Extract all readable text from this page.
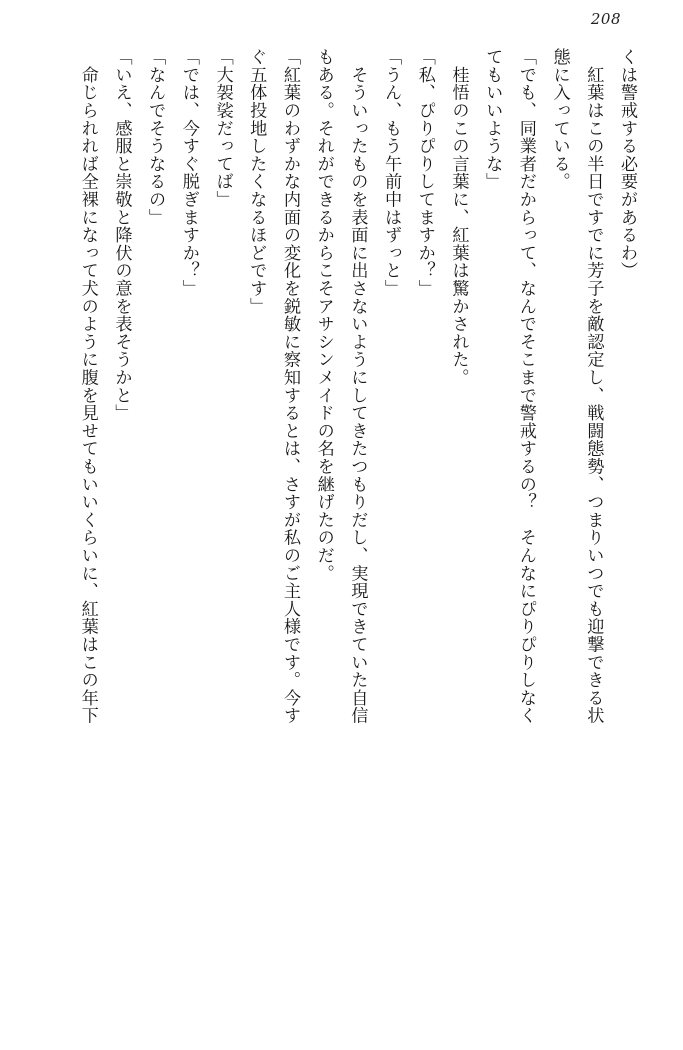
208
くは警戒する必要があるわ）
　紅葉はこの半日ですでに芳子を敵認定し、戦闘態勢、つまりいつでも迎撃できる状
態に入っている。
「でも、同業者だからって、なんでそこまで警戒するの？　そんなにぴりぴりしなく
てもいいような」
　桂悟のこの言葉に、紅葉は驚かされた。
「私、ぴりぴりしてますか？」
「うん、もう午前中はずっと」
　そういったものを表面に出さないようにしてきたつもりだし、実現できていた自信
もある。それができるからこそアサシンメイドの名を継げたのだ。
「紅葉のわずかな内面の変化を鋭敏に察知するとは、さすが私のご主人様です。今す
ぐ五体投地したくなるほどです」
「大袈裟だってば」
「では、今すぐ脱ぎますか？」
「なんでそうなるの」
「いえ、感服と崇敬と降伏の意を表そうかと」
　命じられれば全裸になって犬のように腹を見せてもいいくらいに、紅葉はこの年下
